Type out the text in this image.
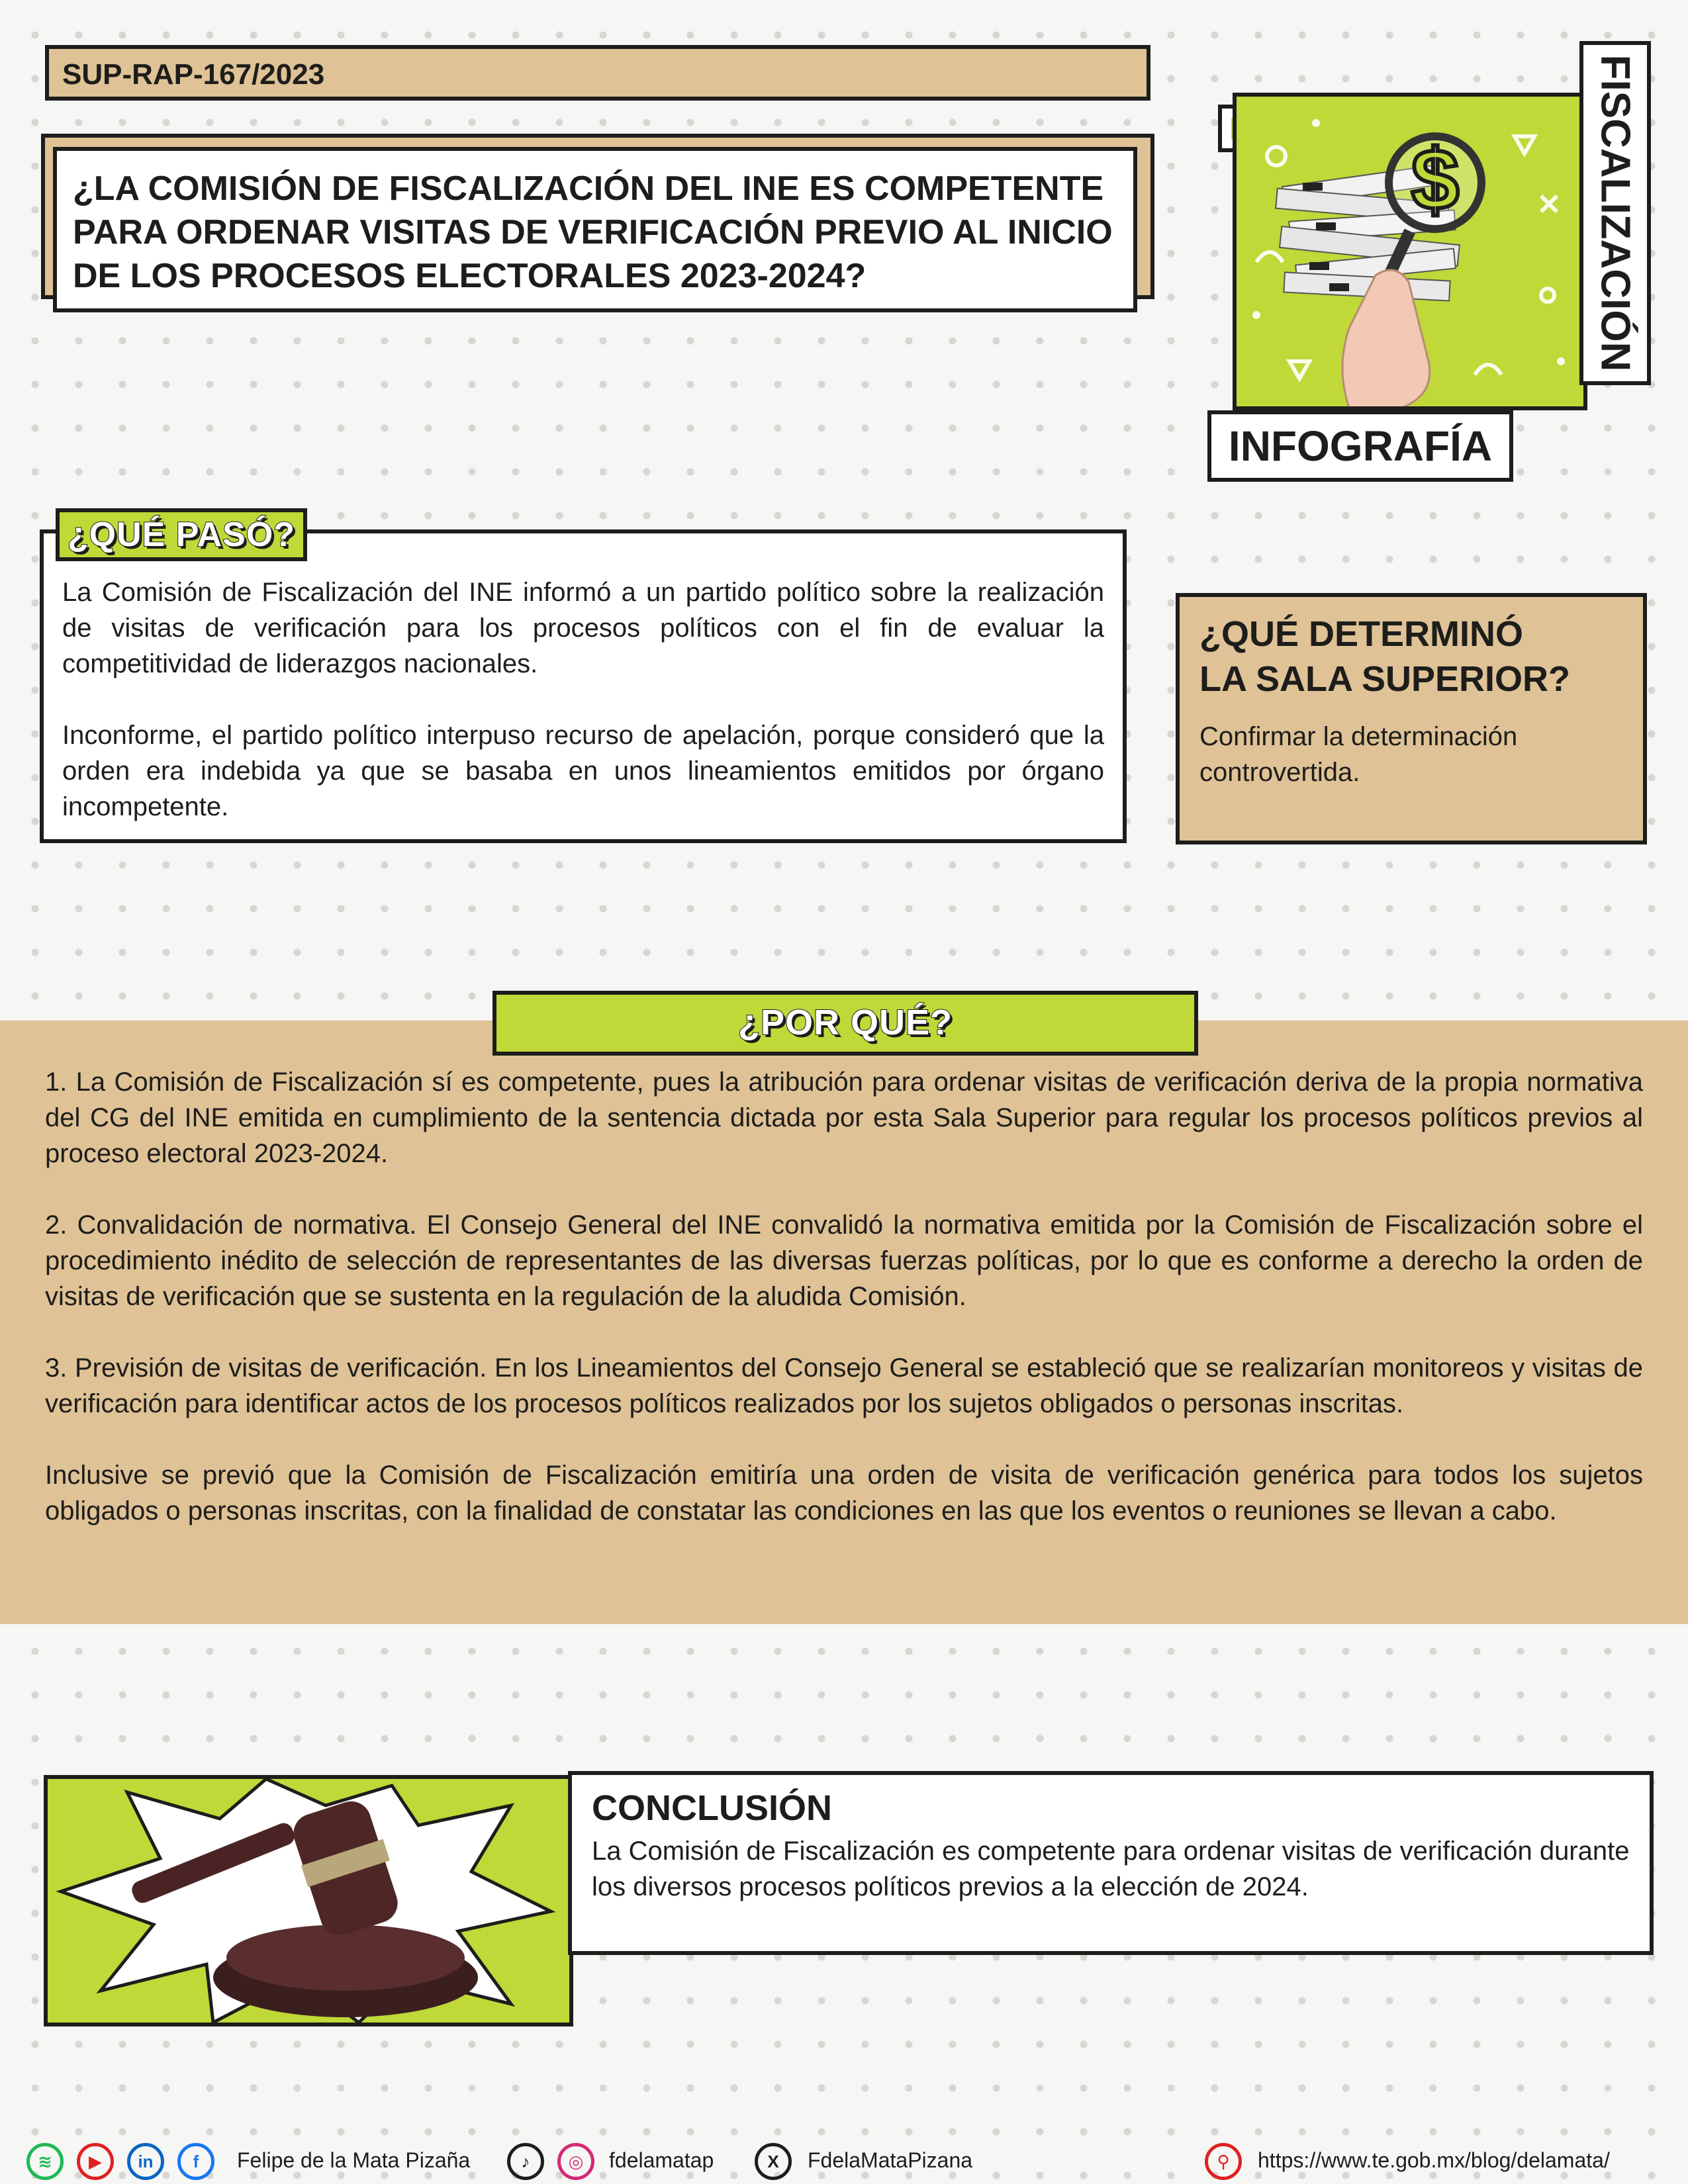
SUP-RAP-167/2023
¿LA COMISIÓN DE FISCALIZACIÓN DEL INE ES COMPETENTE PARA ORDENAR VISITAS DE VERIFICACIÓN PREVIO AL INICIO DE LOS PROCESOS ELECTORALES 2023-2024?
$	FISCALIZACIÓN
INFOGRAFÍA
¿QUÉ PASÓ?

La Comisión de Fiscalización del INE informó a un partido político sobre la realización de visitas de verificación para los procesos políticos con el fin de evaluar la competitividad de liderazgos nacionales.

Inconforme, el partido político interpuso recurso de apelación, porque consideró que la orden era indebida ya que se basaba en unos lineamientos emitidos por órgano incompetente.

¿QUÉ DETERMINÓ
LA SALA SUPERIOR?
Confirmar la determinación controvertida.
¿POR QUÉ?

1. La Comisión de Fiscalización sí es competente, pues la atribución para ordenar visitas de verificación deriva de la propia normativa del CG del INE emitida en cumplimiento de la sentencia dictada por esta Sala Superior para regular los procesos políticos previos al proceso electoral 2023-2024.

2. Convalidación de normativa. El Consejo General del INE convalidó la normativa emitida por la Comisión de Fiscalización sobre el procedimiento inédito de selección de representantes de las diversas fuerzas políticas, por lo que es conforme a derecho la orden de visitas de verificación que se sustenta en la regulación de la aludida Comisión.

3. Previsión de visitas de verificación. En los Lineamientos del Consejo General se estableció que se realizarían monitoreos y visitas de verificación para identificar actos de los procesos políticos realizados por los sujetos obligados o personas inscritas.

Inclusive se previó que la Comisión de Fiscalización emitiría una orden de visita de verificación genérica para todos los sujetos obligados o personas inscritas, con la finalidad de constatar las condiciones en las que los eventos o reuniones se llevan a cabo.

CONCLUSIÓN

La Comisión de Fiscalización es competente para ordenar visitas de verificación durante los diversos procesos políticos previos a la elección de 2024.

≋	▶	in	f	Felipe de la Mata Pizaña	♪	◎	fdelamatap	X	FdelaMataPizana	⚲	https://www.te.gob.mx/blog/delamata/
